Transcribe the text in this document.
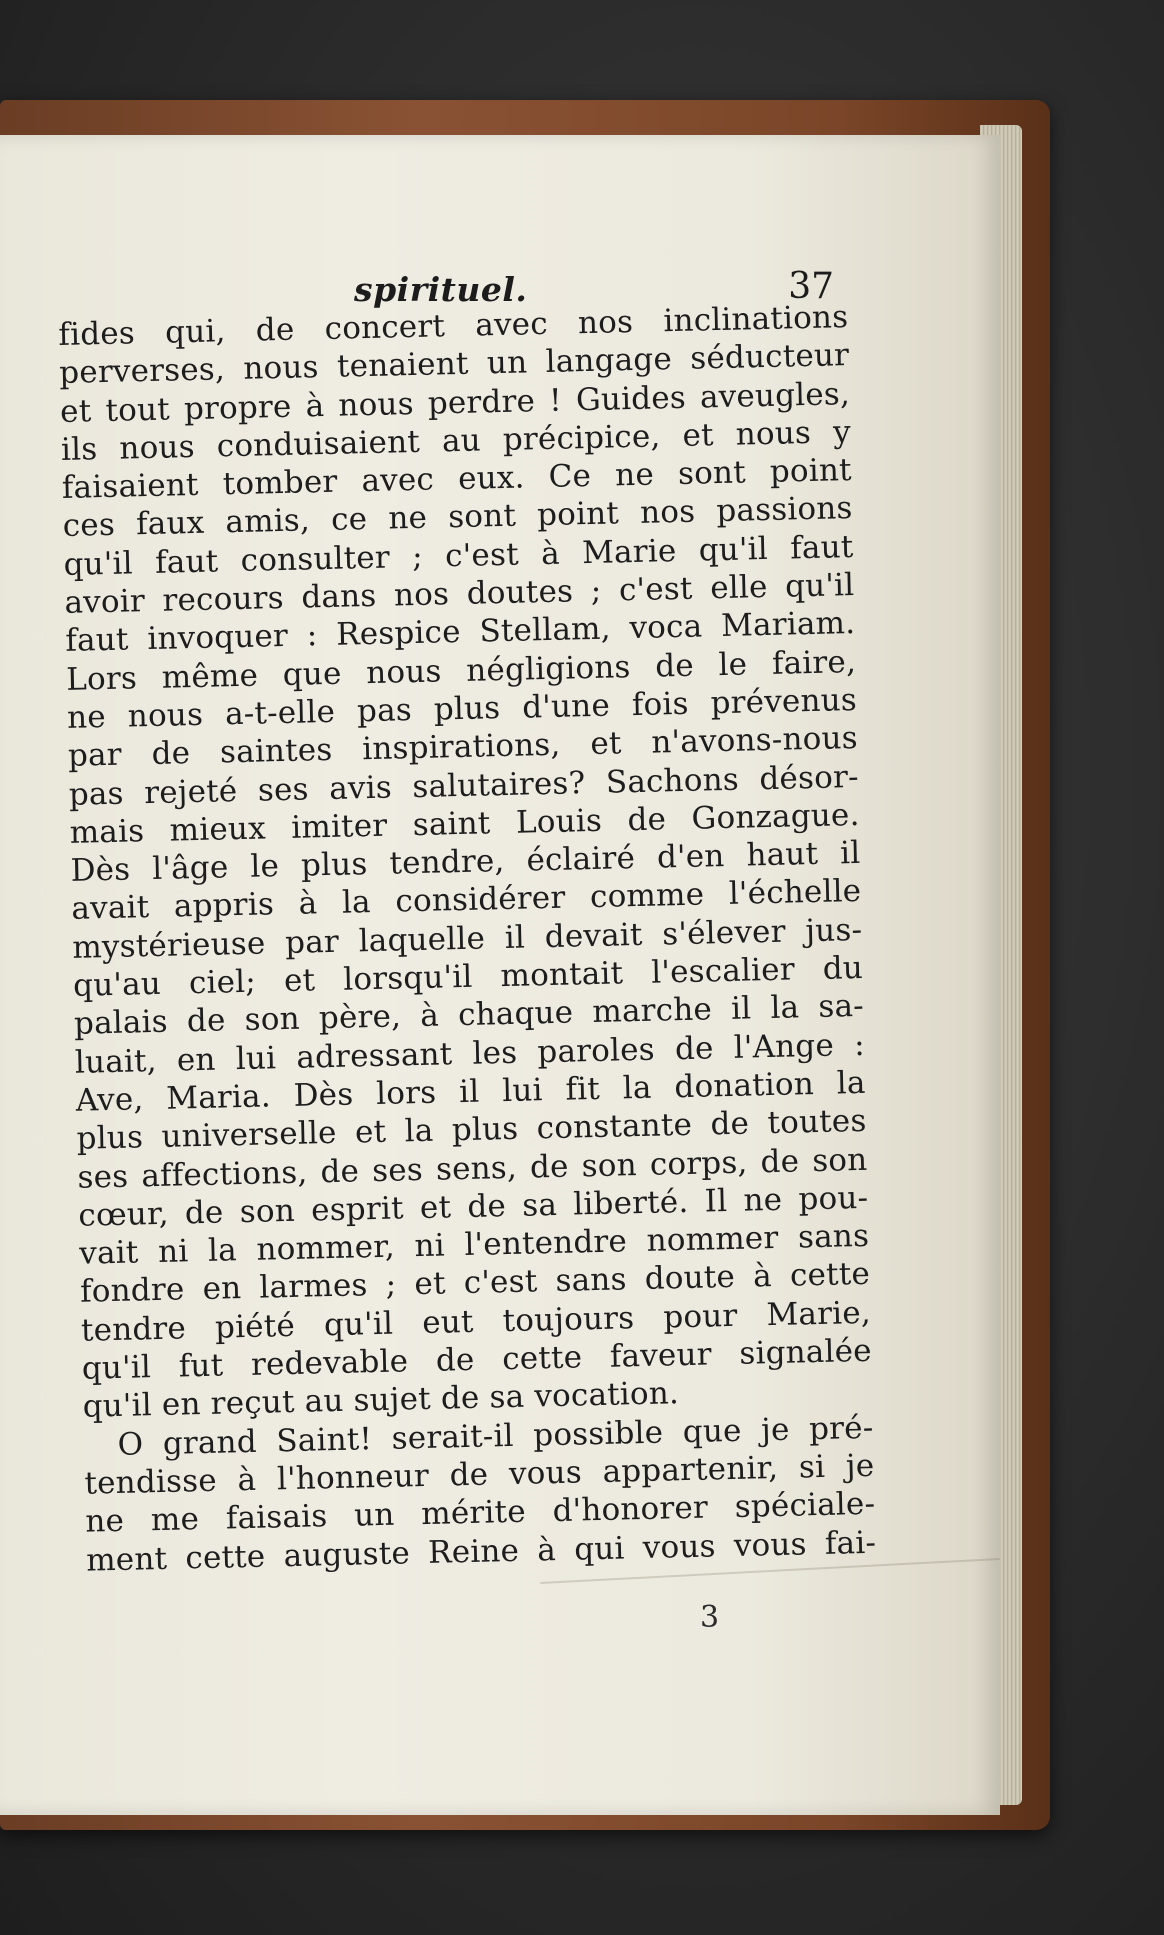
spirituel.	37
fides qui, de concert avec nos inclinations
perverses, nous tenaient un langage séducteur
et tout propre à nous perdre ! Guides aveugles,
ils nous conduisaient au précipice, et nous y
faisaient tomber avec eux. Ce ne sont point
ces faux amis, ce ne sont point nos passions
qu'il faut consulter ; c'est à Marie qu'il faut
avoir recours dans nos doutes ; c'est elle qu'il
faut invoquer : Respice Stellam, voca Mariam.
Lors même que nous négligions de le faire,
ne nous a-t-elle pas plus d'une fois prévenus
par de saintes inspirations, et n'avons-nous
pas rejeté ses avis salutaires? Sachons désor-
mais mieux imiter saint Louis de Gonzague.
Dès l'âge le plus tendre, éclairé d'en haut il
avait appris à la considérer comme l'échelle
mystérieuse par laquelle il devait s'élever jus-
qu'au ciel; et lorsqu'il montait l'escalier du
palais de son père, à chaque marche il la sa-
luait, en lui adressant les paroles de l'Ange :
Ave, Maria. Dès lors il lui fit la donation la
plus universelle et la plus constante de toutes
ses affections, de ses sens, de son corps, de son
cœur, de son esprit et de sa liberté. Il ne pou-
vait ni la nommer, ni l'entendre nommer sans
fondre en larmes ; et c'est sans doute à cette
tendre piété qu'il eut toujours pour Marie,
qu'il fut redevable de cette faveur signalée
qu'il en reçut au sujet de sa vocation.
O grand Saint! serait-il possible que je pré-
tendisse à l'honneur de vous appartenir, si je
ne me faisais un mérite d'honorer spéciale-
ment cette auguste Reine à qui vous vous fai-
3
